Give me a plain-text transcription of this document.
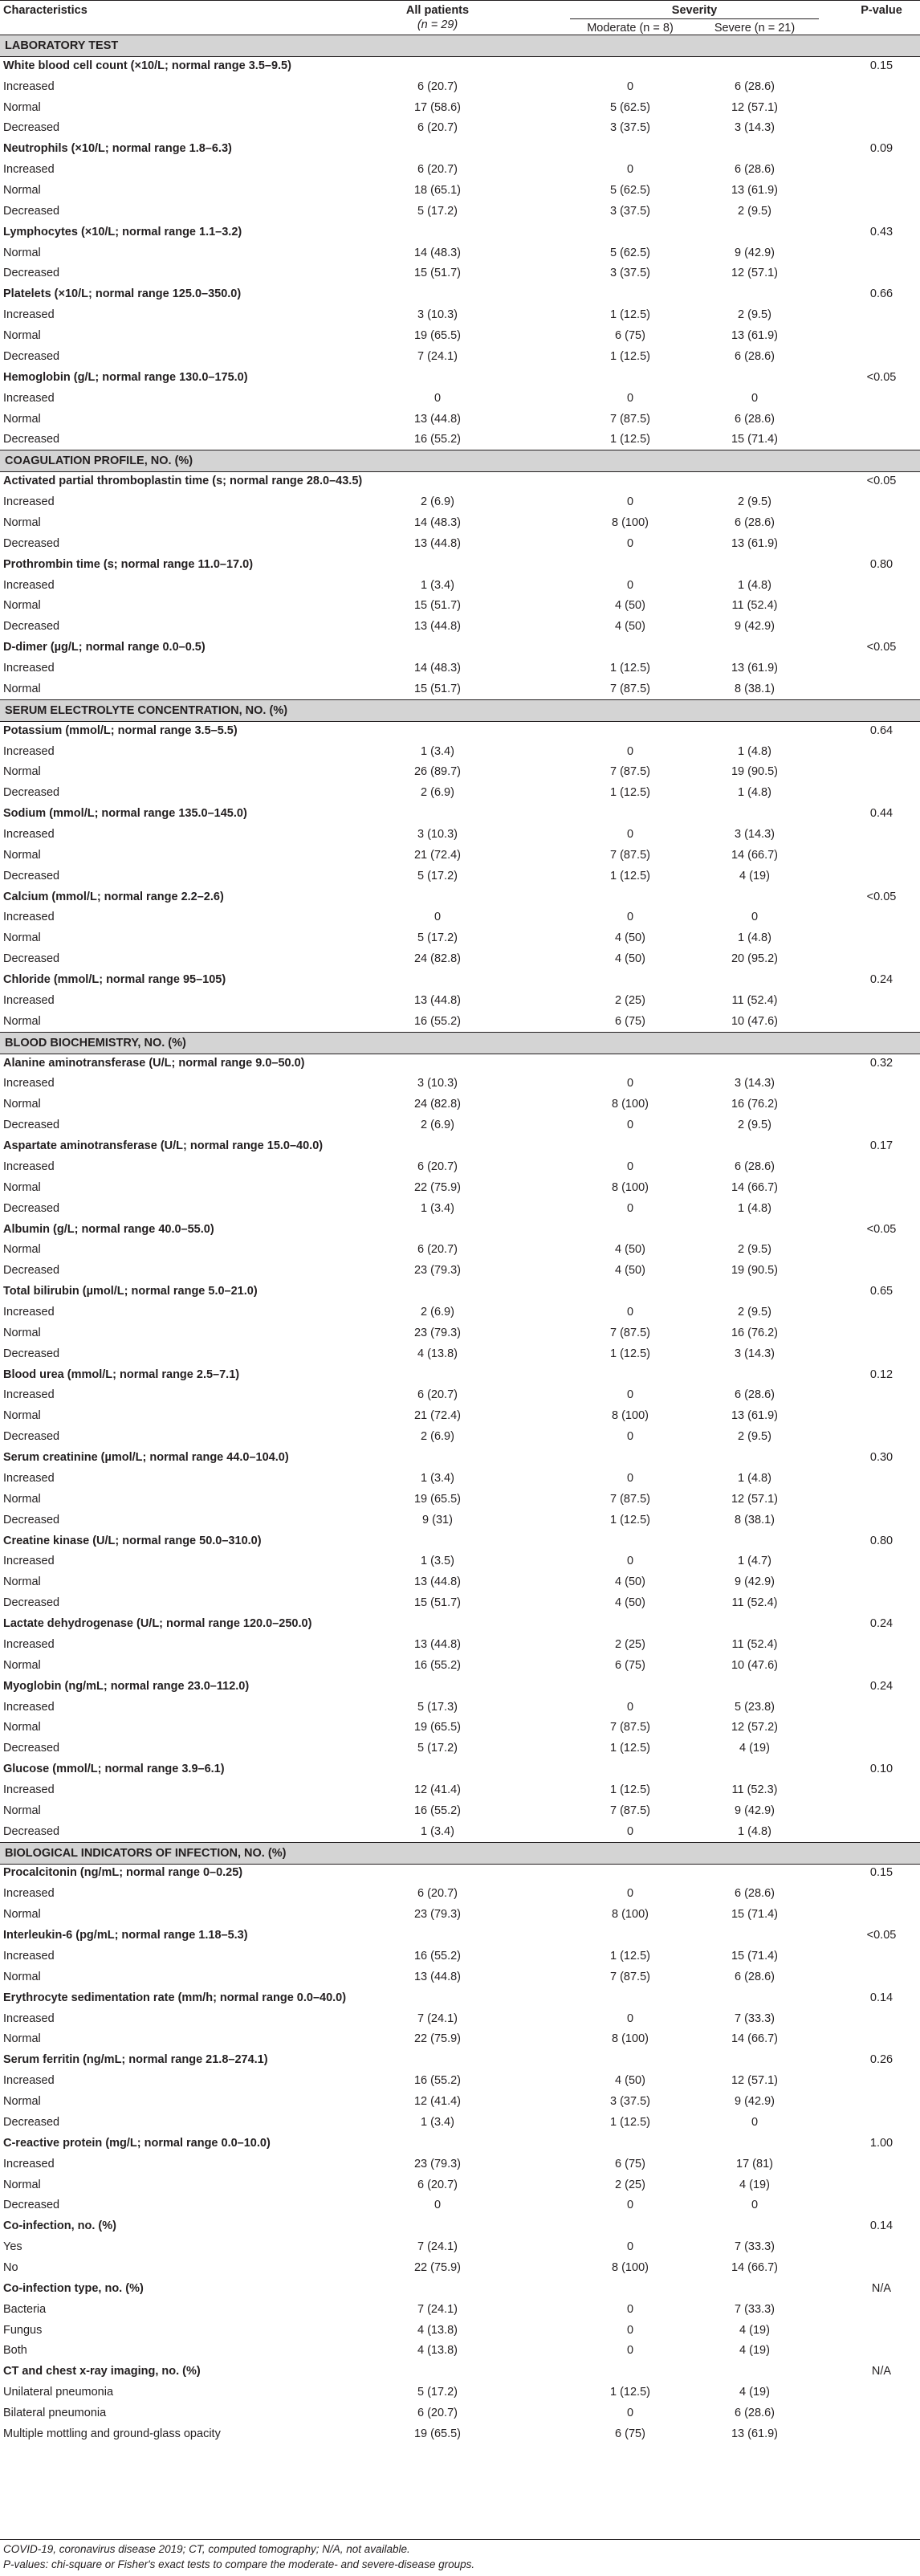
Characteristics	All patients
(n = 29)
Severity
Moderate (n = 8)	Severe (n = 21)
P-value
LABORATORY TEST
White blood cell count (×10/L; normal range 3.5–9.5)	0.15
Increased	6 (20.7)	0	6 (28.6)
Normal	17 (58.6)	5 (62.5)	12 (57.1)
Decreased	6 (20.7)	3 (37.5)	3 (14.3)
Neutrophils (×10/L; normal range 1.8–6.3)	0.09
Increased	6 (20.7)	0	6 (28.6)
Normal	18 (65.1)	5 (62.5)	13 (61.9)
Decreased	5 (17.2)	3 (37.5)	2 (9.5)
Lymphocytes (×10/L; normal range 1.1–3.2)	0.43
Normal	14 (48.3)	5 (62.5)	9 (42.9)
Decreased	15 (51.7)	3 (37.5)	12 (57.1)
Platelets (×10/L; normal range 125.0–350.0)	0.66
Increased	3 (10.3)	1 (12.5)	2 (9.5)
Normal	19 (65.5)	6 (75)	13 (61.9)
Decreased	7 (24.1)	1 (12.5)	6 (28.6)
Hemoglobin (g/L; normal range 130.0–175.0)	<0.05
Increased	0	0	0
Normal	13 (44.8)	7 (87.5)	6 (28.6)
Decreased	16 (55.2)	1 (12.5)	15 (71.4)
COAGULATION PROFILE, NO. (%)
Activated partial thromboplastin time (s; normal range 28.0–43.5)	<0.05
Increased	2 (6.9)	0	2 (9.5)
Normal	14 (48.3)	8 (100)	6 (28.6)
Decreased	13 (44.8)	0	13 (61.9)
Prothrombin time (s; normal range 11.0–17.0)	0.80
Increased	1 (3.4)	0	1 (4.8)
Normal	15 (51.7)	4 (50)	11 (52.4)
Decreased	13 (44.8)	4 (50)	9 (42.9)
D-dimer (µg/L; normal range 0.0–0.5)	<0.05
Increased	14 (48.3)	1 (12.5)	13 (61.9)
Normal	15 (51.7)	7 (87.5)	8 (38.1)
SERUM ELECTROLYTE CONCENTRATION, NO. (%)
Potassium (mmol/L; normal range 3.5–5.5)	0.64
Increased	1 (3.4)	0	1 (4.8)
Normal	26 (89.7)	7 (87.5)	19 (90.5)
Decreased	2 (6.9)	1 (12.5)	1 (4.8)
Sodium (mmol/L; normal range 135.0–145.0)	0.44
Increased	3 (10.3)	0	3 (14.3)
Normal	21 (72.4)	7 (87.5)	14 (66.7)
Decreased	5 (17.2)	1 (12.5)	4 (19)
Calcium (mmol/L; normal range 2.2–2.6)	<0.05
Increased	0	0	0
Normal	5 (17.2)	4 (50)	1 (4.8)
Decreased	24 (82.8)	4 (50)	20 (95.2)
Chloride (mmol/L; normal range 95–105)	0.24
Increased	13 (44.8)	2 (25)	11 (52.4)
Normal	16 (55.2)	6 (75)	10 (47.6)
BLOOD BIOCHEMISTRY, NO. (%)
Alanine aminotransferase (U/L; normal range 9.0–50.0)	0.32
Increased	3 (10.3)	0	3 (14.3)
Normal	24 (82.8)	8 (100)	16 (76.2)
Decreased	2 (6.9)	0	2 (9.5)
Aspartate aminotransferase (U/L; normal range 15.0–40.0)	0.17
Increased	6 (20.7)	0	6 (28.6)
Normal	22 (75.9)	8 (100)	14 (66.7)
Decreased	1 (3.4)	0	1 (4.8)
Albumin (g/L; normal range 40.0–55.0)	<0.05
Normal	6 (20.7)	4 (50)	2 (9.5)
Decreased	23 (79.3)	4 (50)	19 (90.5)
Total bilirubin (µmol/L; normal range 5.0–21.0)	0.65
Increased	2 (6.9)	0	2 (9.5)
Normal	23 (79.3)	7 (87.5)	16 (76.2)
Decreased	4 (13.8)	1 (12.5)	3 (14.3)
Blood urea (mmol/L; normal range 2.5–7.1)	0.12
Increased	6 (20.7)	0	6 (28.6)
Normal	21 (72.4)	8 (100)	13 (61.9)
Decreased	2 (6.9)	0	2 (9.5)
Serum creatinine (µmol/L; normal range 44.0–104.0)	0.30
Increased	1 (3.4)	0	1 (4.8)
Normal	19 (65.5)	7 (87.5)	12 (57.1)
Decreased	9 (31)	1 (12.5)	8 (38.1)
Creatine kinase (U/L; normal range 50.0–310.0)	0.80
Increased	1 (3.5)	0	1 (4.7)
Normal	13 (44.8)	4 (50)	9 (42.9)
Decreased	15 (51.7)	4 (50)	11 (52.4)
Lactate dehydrogenase (U/L; normal range 120.0–250.0)	0.24
Increased	13 (44.8)	2 (25)	11 (52.4)
Normal	16 (55.2)	6 (75)	10 (47.6)
Myoglobin (ng/mL; normal range 23.0–112.0)	0.24
Increased	5 (17.3)	0	5 (23.8)
Normal	19 (65.5)	7 (87.5)	12 (57.2)
Decreased	5 (17.2)	1 (12.5)	4 (19)
Glucose (mmol/L; normal range 3.9–6.1)	0.10
Increased	12 (41.4)	1 (12.5)	11 (52.3)
Normal	16 (55.2)	7 (87.5)	9 (42.9)
Decreased	1 (3.4)	0	1 (4.8)
BIOLOGICAL INDICATORS OF INFECTION, NO. (%)
Procalcitonin (ng/mL; normal range 0–0.25)	0.15
Increased	6 (20.7)	0	6 (28.6)
Normal	23 (79.3)	8 (100)	15 (71.4)
Interleukin-6 (pg/mL; normal range 1.18–5.3)	<0.05
Increased	16 (55.2)	1 (12.5)	15 (71.4)
Normal	13 (44.8)	7 (87.5)	6 (28.6)
Erythrocyte sedimentation rate (mm/h; normal range 0.0–40.0)	0.14
Increased	7 (24.1)	0	7 (33.3)
Normal	22 (75.9)	8 (100)	14 (66.7)
Serum ferritin (ng/mL; normal range 21.8–274.1)	0.26
Increased	16 (55.2)	4 (50)	12 (57.1)
Normal	12 (41.4)	3 (37.5)	9 (42.9)
Decreased	1 (3.4)	1 (12.5)	0
C-reactive protein (mg/L; normal range 0.0–10.0)	1.00
Increased	23 (79.3)	6 (75)	17 (81)
Normal	6 (20.7)	2 (25)	4 (19)
Decreased	0	0	0
Co-infection, no. (%)	0.14
Yes	7 (24.1)	0	7 (33.3)
No	22 (75.9)	8 (100)	14 (66.7)
Co-infection type, no. (%)	N/A
Bacteria	7 (24.1)	0	7 (33.3)
Fungus	4 (13.8)	0	4 (19)
Both	4 (13.8)	0	4 (19)
CT and chest x-ray imaging, no. (%)	N/A
Unilateral pneumonia	5 (17.2)	1 (12.5)	4 (19)
Bilateral pneumonia	6 (20.7)	0	6 (28.6)
Multiple mottling and ground-glass opacity	19 (65.5)	6 (75)	13 (61.9)
COVID-19, coronavirus disease 2019; CT, computed tomography; N/A, not available.
P-values: chi-square or Fisher's exact tests to compare the moderate- and severe-disease groups.
